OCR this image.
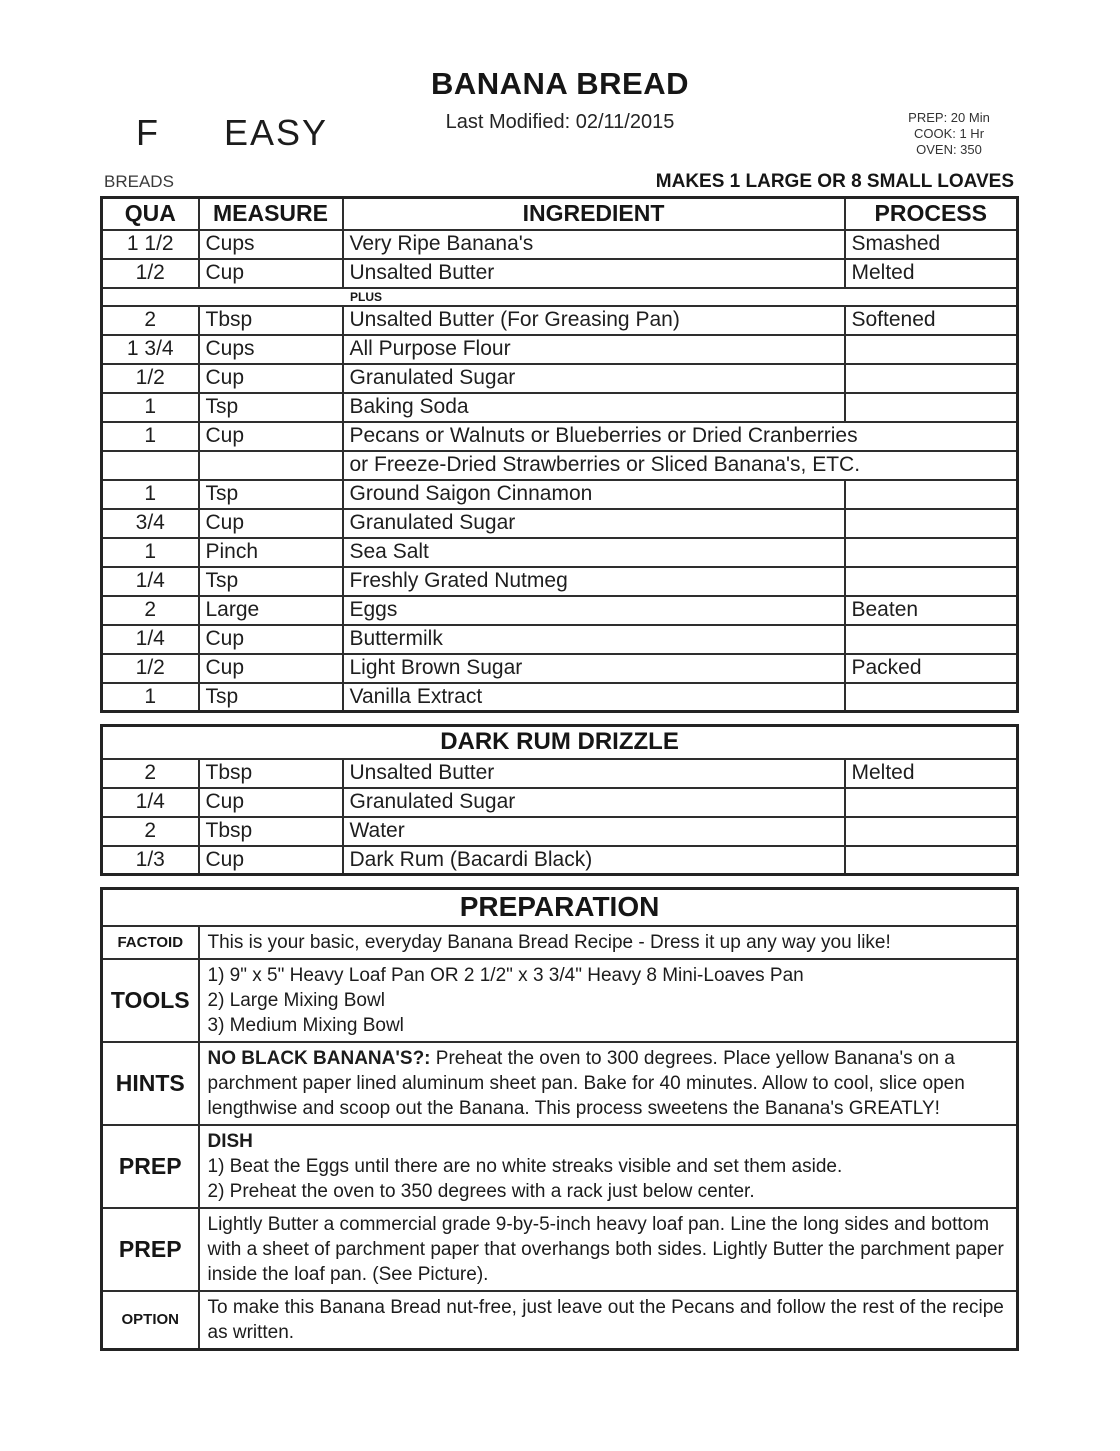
BANANA BREAD
Last Modified: 02/11/2015
F EASY	PREP: 20 Min
COOK: 1 Hr
OVEN: 350
BREADS	MAKES 1 LARGE OR 8 SMALL LOAVES
QUA	MEASURE	INGREDIENT	PROCESS
1 1/2	Cups	Very Ripe Banana's	Smashed
1/2	Cup	Unsalted Butter	Melted
PLUS			
2	Tbsp	Unsalted Butter (For Greasing Pan)	Softened
1 3/4	Cups	All Purpose Flour	
1/2	Cup	Granulated Sugar	
1	Tsp	Baking Soda	
1	Cup	Pecans or Walnuts or Blueberries or Dried Cranberries	
		or Freeze-Dried Strawberries or Sliced Banana's, ETC.	
1	Tsp	Ground Saigon Cinnamon	
3/4	Cup	Granulated Sugar	
1	Pinch	Sea Salt	
1/4	Tsp	Freshly Grated Nutmeg	
2	Large	Eggs	Beaten
1/4	Cup	Buttermilk	
1/2	Cup	Light Brown Sugar	Packed
1	Tsp	Vanilla Extract	
DARK RUM DRIZZLE			
2	Tbsp	Unsalted Butter	Melted
1/4	Cup	Granulated Sugar	
2	Tbsp	Water	
1/3	Cup	Dark Rum (Bacardi Black)	
PREPARATION	
FACTOID	This is your basic, everyday Banana Bread Recipe - Dress it up any way you like!

TOOLS	1) 9" x 5" Heavy Loaf Pan OR 2 1/2" x 3 3/4" Heavy 8 Mini-Loaves Pan
2) Large Mixing Bowl
3) Medium Mixing Bowl

HINTS	NO BLACK BANANA'S?: Preheat the oven to 300 degrees. Place yellow Banana's on a parchment paper lined aluminum sheet pan. Bake for 40 minutes. Allow to cool, slice open lengthwise and scoop out the Banana. This process sweetens the Banana's GREATLY!

PREP	DISH
1) Beat the Eggs until there are no white streaks visible and set them aside.
2) Preheat the oven to 350 degrees with a rack just below center.

PREP	Lightly Butter a commercial grade 9-by-5-inch heavy loaf pan. Line the long sides and bottom with a sheet of parchment paper that overhangs both sides. Lightly Butter the parchment paper inside the loaf pan. (See Picture).

OPTION	To make this Banana Bread nut-free, just leave out the Pecans and follow the rest of the recipe as written.
